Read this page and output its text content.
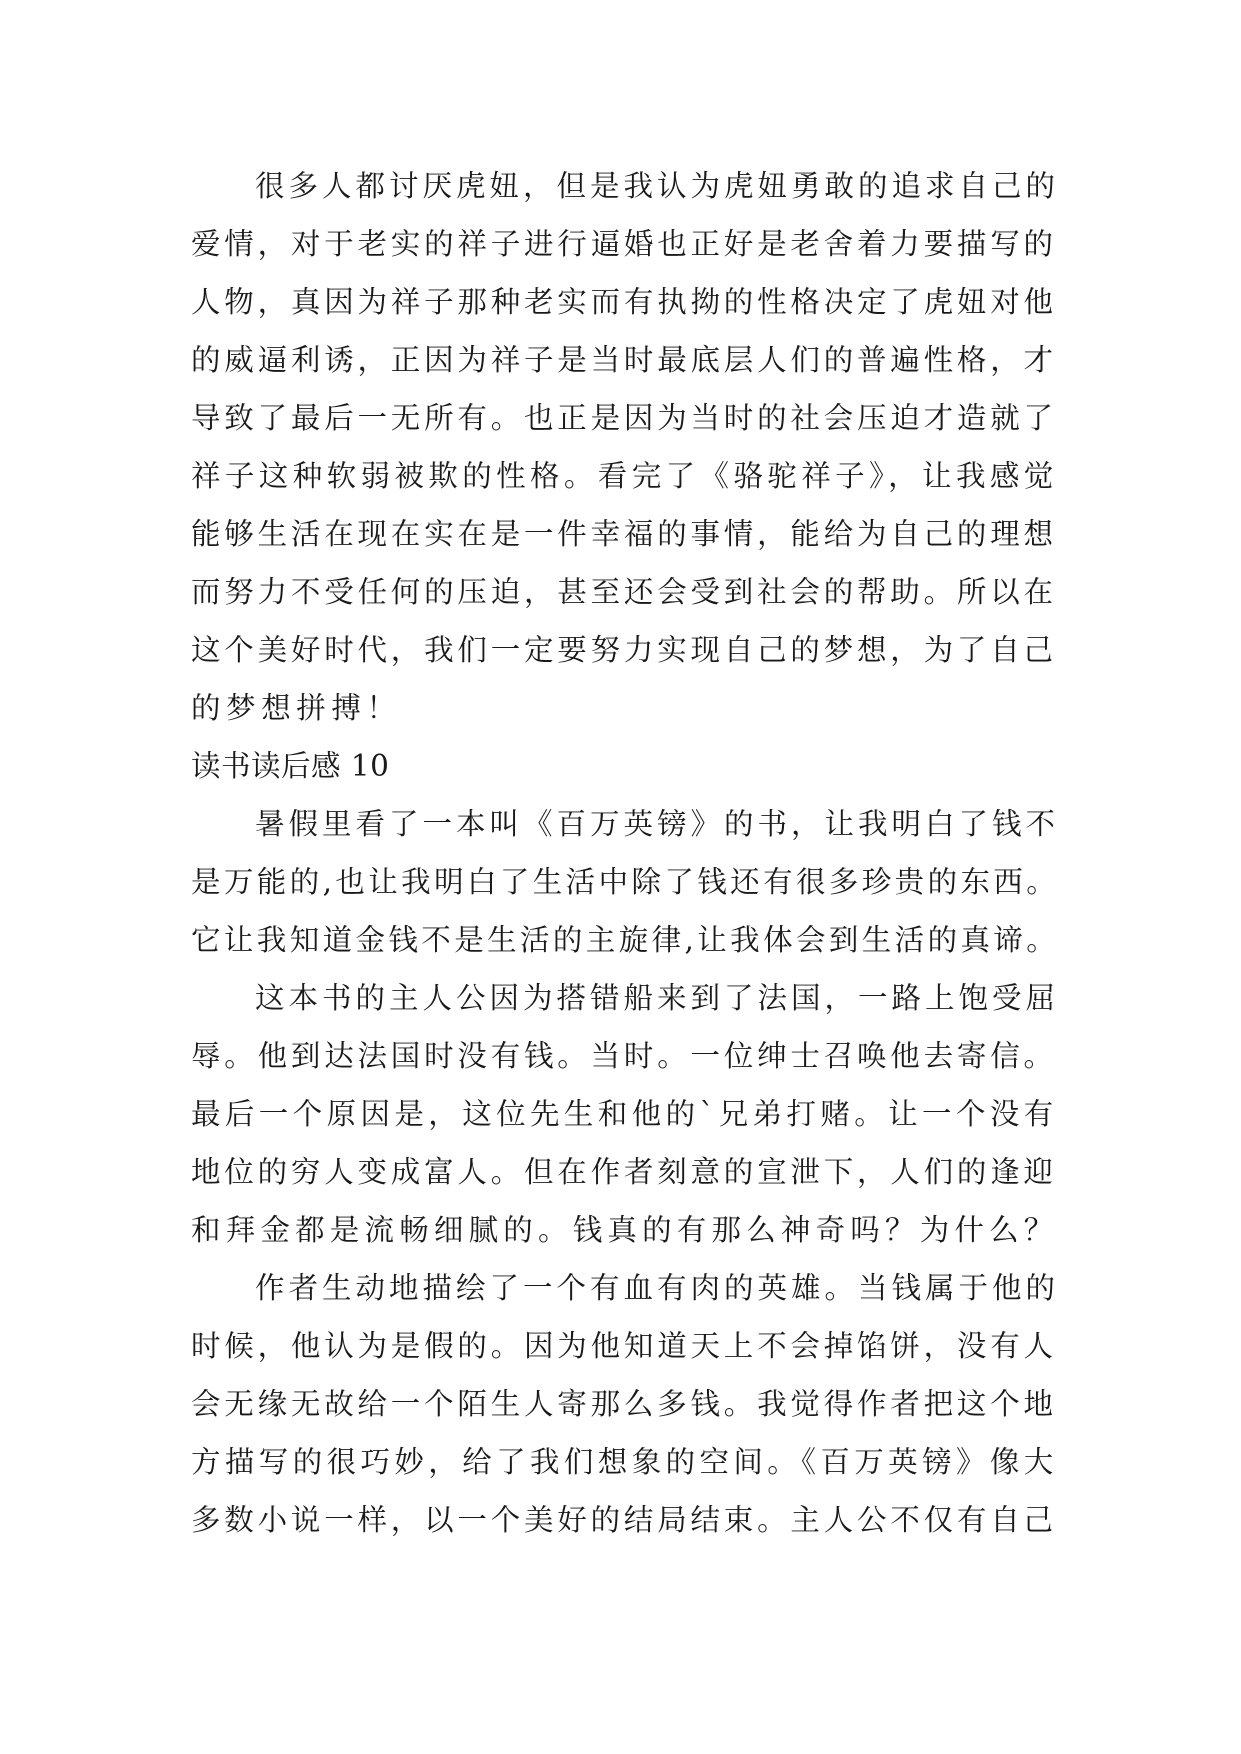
很多人都讨厌虎妞，但是我认为虎妞勇敢的追求自己的
爱情，对于老实的祥子进行逼婚也正好是老舍着力要描写的
人物，真因为祥子那种老实而有执拗的性格决定了虎妞对他
的威逼利诱，正因为祥子是当时最底层人们的普遍性格，才
导致了最后一无所有。也正是因为当时的社会压迫才造就了
祥子这种软弱被欺的性格。看完了《骆驼祥子》，让我感觉
能够生活在现在实在是一件幸福的事情，能给为自己的理想
而努力不受任何的压迫，甚至还会受到社会的帮助。所以在
这个美好时代，我们一定要努力实现自己的梦想，为了自己
的梦想拼搏！
读书读后感 10
暑假里看了一本叫《百万英镑》的书，让我明白了钱不
是万能的,也让我明白了生活中除了钱还有很多珍贵的东西。
它让我知道金钱不是生活的主旋律,让我体会到生活的真谛。
这本书的主人公因为搭错船来到了法国，一路上饱受屈
辱。他到达法国时没有钱。当时。一位绅士召唤他去寄信。
最后一个原因是，这位先生和他的`兄弟打赌。让一个没有
地位的穷人变成富人。但在作者刻意的宣泄下，人们的逢迎
和拜金都是流畅细腻的。钱真的有那么神奇吗？为什么？
作者生动地描绘了一个有血有肉的英雄。当钱属于他的
时候，他认为是假的。因为他知道天上不会掉馅饼，没有人
会无缘无故给一个陌生人寄那么多钱。我觉得作者把这个地
方描写的很巧妙，给了我们想象的空间。《百万英镑》像大
多数小说一样，以一个美好的结局结束。主人公不仅有自己
